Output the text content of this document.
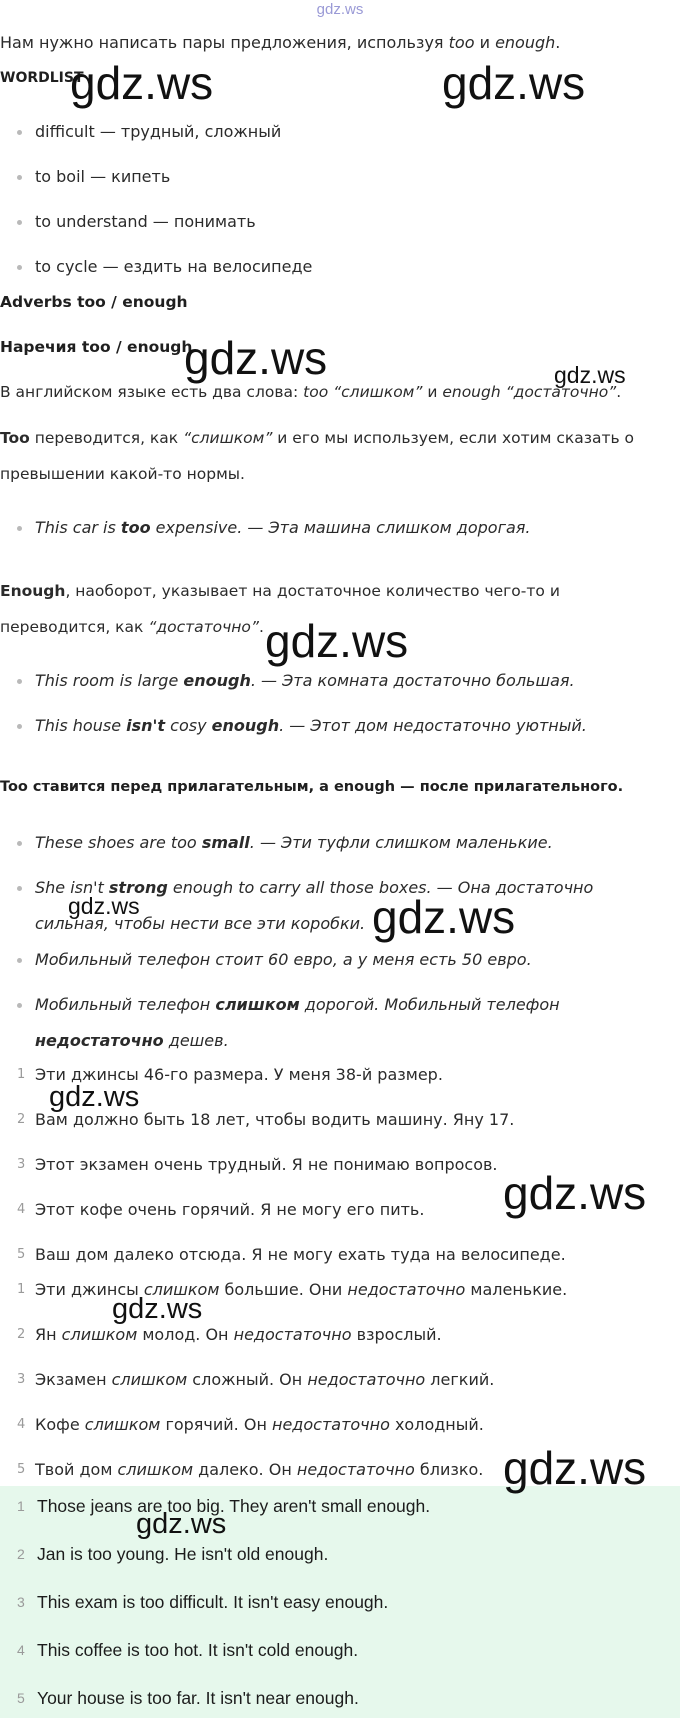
gdz.ws
Нам нужно написать пары предложения, используя too и enough.
WORDLIST
difficult — трудный, сложный
to boil — кипеть
to understand — понимать
to cycle — ездить на велосипеде
Adverbs too / enough
Наречия too / enough
В английском языке есть два слова: too “слишком” и enough “достаточно”.
Too переводится, как “слишком” и его мы используем, если хотим сказать о
превышении какой-то нормы.
This car is too expensive. — Эта машина слишком дорогая.
Enough, наоборот, указывает на достаточное количество чего-то и
переводится, как “достаточно”.
This room is large enough. — Эта комната достаточно большая.
This house isn't cosy enough. — Этот дом недостаточно уютный.
Too ставится перед прилагательным, а enough — после прилагательного.
These shoes are too small. — Эти туфли слишком маленькие.
She isn't strong enough to carry all those boxes. — Она достаточно
сильная, чтобы нести все эти коробки.
Мобильный телефон стоит 60 евро, а у меня есть 50 евро.
Мобильный телефон слишком дорогой. Мобильный телефон
недостаточно дешев.
1 Эти джинсы 46-го размера. У меня 38-й размер.
2 Вам должно быть 18 лет, чтобы водить машину. Яну 17.
3 Этот экзамен очень трудный. Я не понимаю вопросов.
4 Этот кофе очень горячий. Я не могу его пить.
5 Ваш дом далеко отсюда. Я не могу ехать туда на велосипеде.
1 Эти джинсы слишком большие. Они недостаточно маленькие.
2 Ян слишком молод. Он недостаточно взрослый.
3 Экзамен слишком сложный. Он недостаточно легкий.
4 Кофе слишком горячий. Он недостаточно холодный.
5 Твой дом слишком далеко. Он недостаточно близко.
1 Those jeans are too big. They aren't small enough.
2 Jan is too young. He isn't old enough.
3 This exam is too difficult. It isn't easy enough.
4 This coffee is too hot. It isn't cold enough.
5 Your house is too far. It isn't near enough.
gdz.ws	gdz.ws
gdz.ws	gdz.ws
gdz.ws
gdz.ws	gdz.ws
gdz.ws
gdz.ws
gdz.ws
gdz.ws
gdz.ws
